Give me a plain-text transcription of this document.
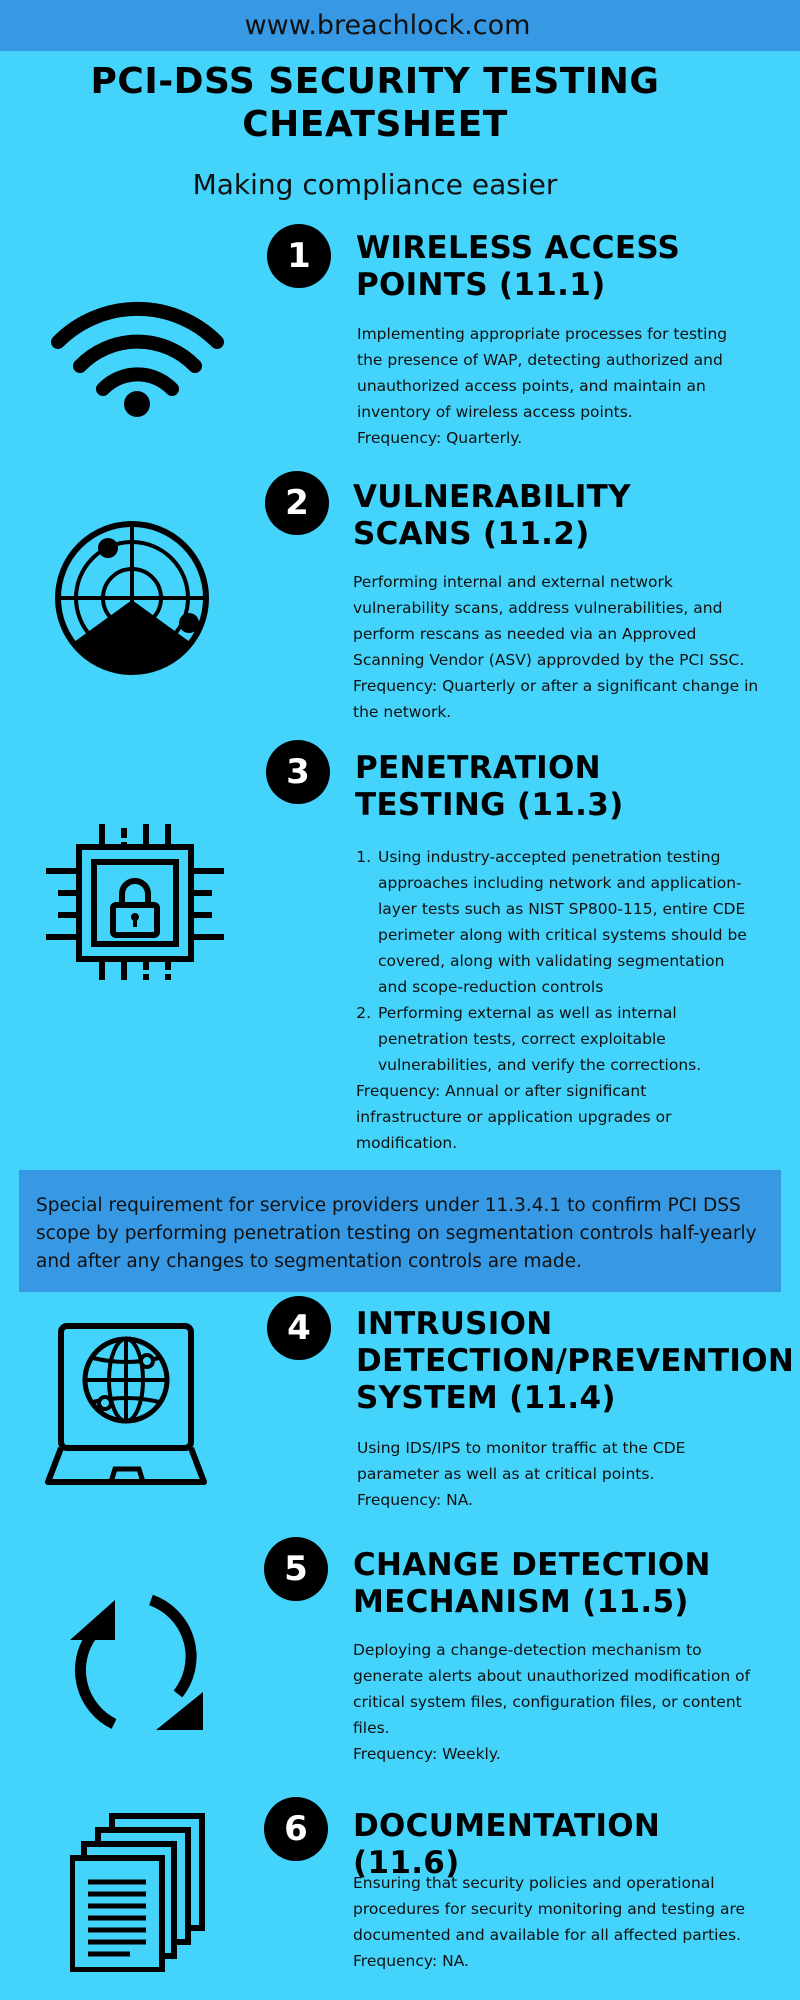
www.breachlock.com
PCI-DSS SECURITY TESTING CHEATSHEET
Making compliance easier
1	WIRELESS ACCESS POINTS (11.1)

Implementing appropriate processes for testing the presence of WAP, detecting authorized and unauthorized access points, and maintain an inventory of wireless access points.

Frequency: Quarterly.

2	VULNERABILITY SCANS (11.2)

Performing internal and external network vulnerability scans, address vulnerabilities, and perform rescans as needed via an Approved Scanning Vendor (ASV) approvded by the PCI SSC.

Frequency: Quarterly or after a significant change in the network.

3	PENETRATION TESTING (11.3)
1. Using industry-accepted penetration testing approaches including network and application-layer tests such as NIST SP800-115, entire CDE perimeter along with critical systems should be covered, along with validating segmentation and scope-reduction controls
2. Performing external as well as internal penetration tests, correct exploitable vulnerabilities, and verify the corrections.

Frequency: Annual or after significant infrastructure or application upgrades or modification.

Special requirement for service providers under 11.3.4.1 to confirm PCI DSS scope by performing penetration testing on segmentation controls half-yearly and after any changes to segmentation controls are made.
4	INTRUSION DETECTION/PREVENTION SYSTEM (11.4)

Using IDS/IPS to monitor traffic at the CDE parameter as well as at critical points.

Frequency: NA.

5	CHANGE DETECTION MECHANISM (11.5)

Deploying a change-detection mechanism to generate alerts about unauthorized modification of critical system files, configuration files, or content files.

Frequency: Weekly.

6	DOCUMENTATION (11.6)

Ensuring that security policies and operational procedures for security monitoring and testing are documented and available for all affected parties.

Frequency: NA.
